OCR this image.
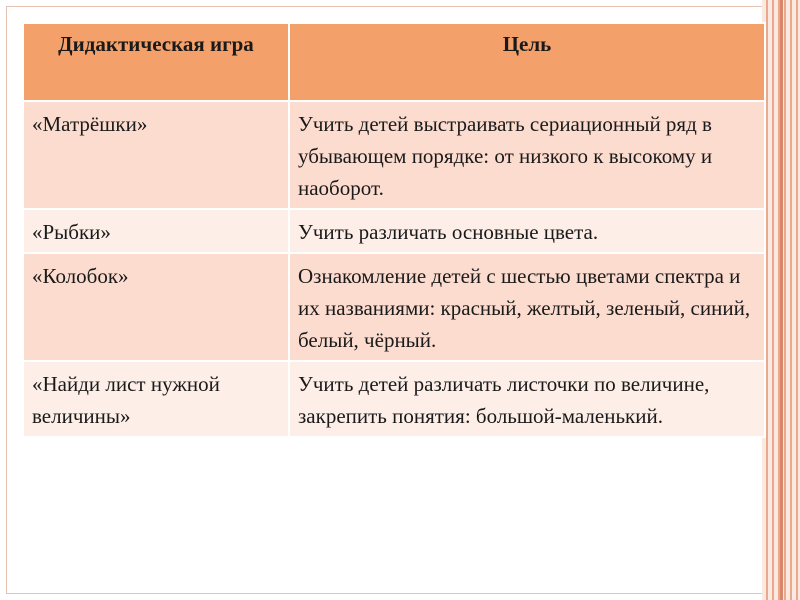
Дидактическая игра	Цель
«Матрёшки»	Учить детей выстраивать сериационный ряд в убывающем порядке: от низкого к высокому и наоборот.
«Рыбки»	Учить различать основные цвета.
«Колобок»	Ознакомление детей с шестью цветами спектра и их названиями: красный, желтый, зеленый, синий, белый, чёрный.
«Найди лист нужной величины»	Учить детей различать листочки по величине, закрепить понятия: большой-маленький.
